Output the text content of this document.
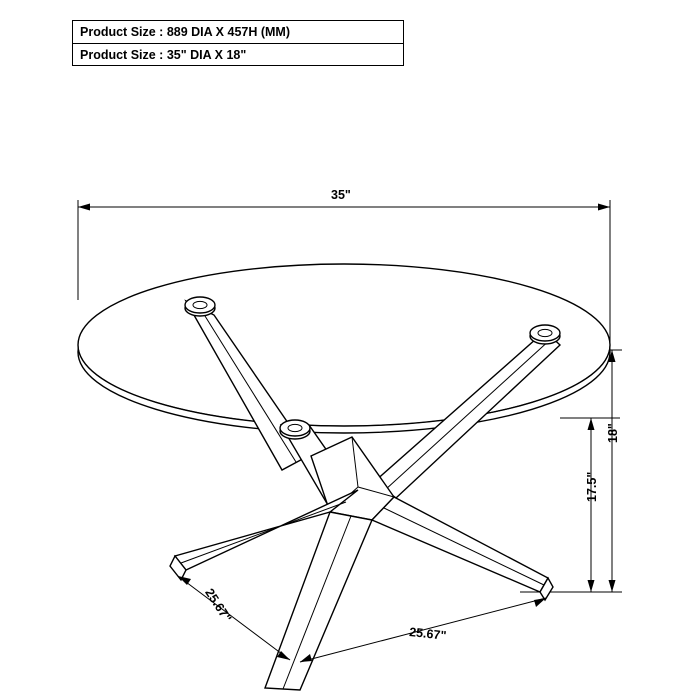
Product Size : 889 DIA X 457H (MM)
Product Size : 35" DIA X 18"
35"
18"
17.5"
25.67"
25.67"
